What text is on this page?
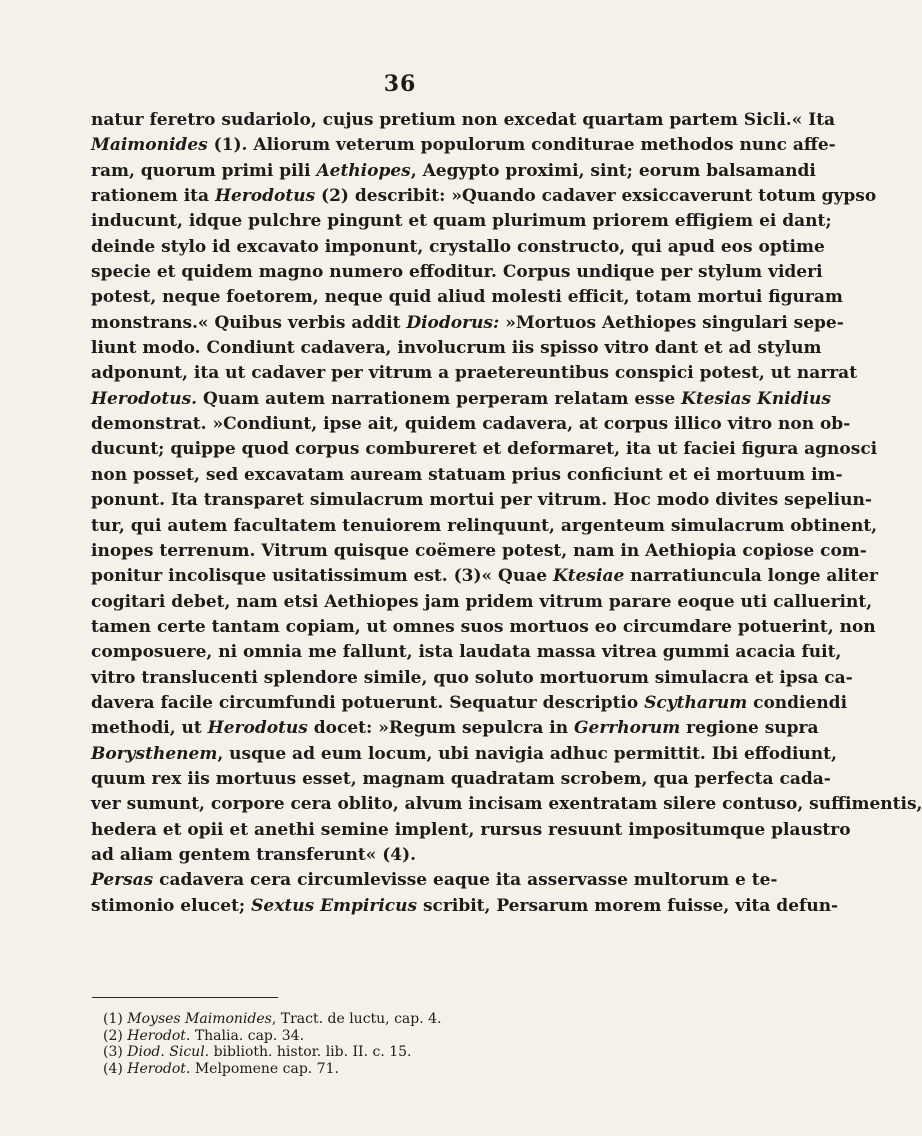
36
natur feretro sudariolo, cujus pretium non excedat quartam partem Sicli.« Ita
Maimonides (1). Aliorum veterum populorum conditurae methodos nunc affe-
ram, quorum primi pili Aethiopes, Aegypto proximi, sint; eorum balsamandi
rationem ita Herodotus (2) describit: »Quando cadaver exsiccaverunt totum gypso
inducunt, idque pulchre pingunt et quam plurimum priorem effigiem ei dant;
deinde stylo id excavato imponunt, crystallo constructo, qui apud eos optime
specie et quidem magno numero effoditur. Corpus undique per stylum videri
potest, neque foetorem, neque quid aliud molesti efficit, totam mortui figuram
monstrans.« Quibus verbis addit Diodorus: »Mortuos Aethiopes singulari sepe-
liunt modo. Condiunt cadavera, involucrum iis spisso vitro dant et ad stylum
adponunt, ita ut cadaver per vitrum a praetereuntibus conspici potest, ut narrat
Herodotus. Quam autem narrationem perperam relatam esse Ktesias Knidius
demonstrat. »Condiunt, ipse ait, quidem cadavera, at corpus illico vitro non ob-
ducunt; quippe quod corpus combureret et deformaret, ita ut faciei figura agnosci
non posset, sed excavatam auream statuam prius conficiunt et ei mortuum im-
ponunt. Ita transparet simulacrum mortui per vitrum. Hoc modo divites sepeliun-
tur, qui autem facultatem tenuiorem relinquunt, argenteum simulacrum obtinent,
inopes terrenum. Vitrum quisque coëmere potest, nam in Aethiopia copiose com-
ponitur incolisque usitatissimum est. (3)« Quae Ktesiae narratiuncula longe aliter
cogitari debet, nam etsi Aethiopes jam pridem vitrum parare eoque uti calluerint,
tamen certe tantam copiam, ut omnes suos mortuos eo circumdare potuerint, non
composuere, ni omnia me fallunt, ista laudata massa vitrea gummi acacia fuit,
vitro translucenti splendore simile, quo soluto mortuorum simulacra et ipsa ca-
davera facile circumfundi potuerunt. Sequatur descriptio Scytharum condiendi
methodi, ut Herodotus docet: »Regum sepulcra in Gerrhorum regione supra
Borysthenem, usque ad eum locum, ubi navigia adhuc permittit. Ibi effodiunt,
quum rex iis mortuus esset, magnam quadratam scrobem, qua perfecta cada-
ver sumunt, corpore cera oblito, alvum incisam exentratam silere contuso, suffimentis,
hedera et opii et anethi semine implent, rursus resuunt impositumque plaustro
ad aliam gentem transferunt« (4).
Persas cadavera cera circumlevisse eaque ita asservasse multorum e te-
stimonio elucet; Sextus Empiricus scribit, Persarum morem fuisse, vita defun-
(1) Moyses Maimonides, Tract. de luctu, cap. 4.
(2) Herodot. Thalia. cap. 34.
(3) Diod. Sicul. biblioth. histor. lib. II. c. 15.
(4) Herodot. Melpomene cap. 71.
